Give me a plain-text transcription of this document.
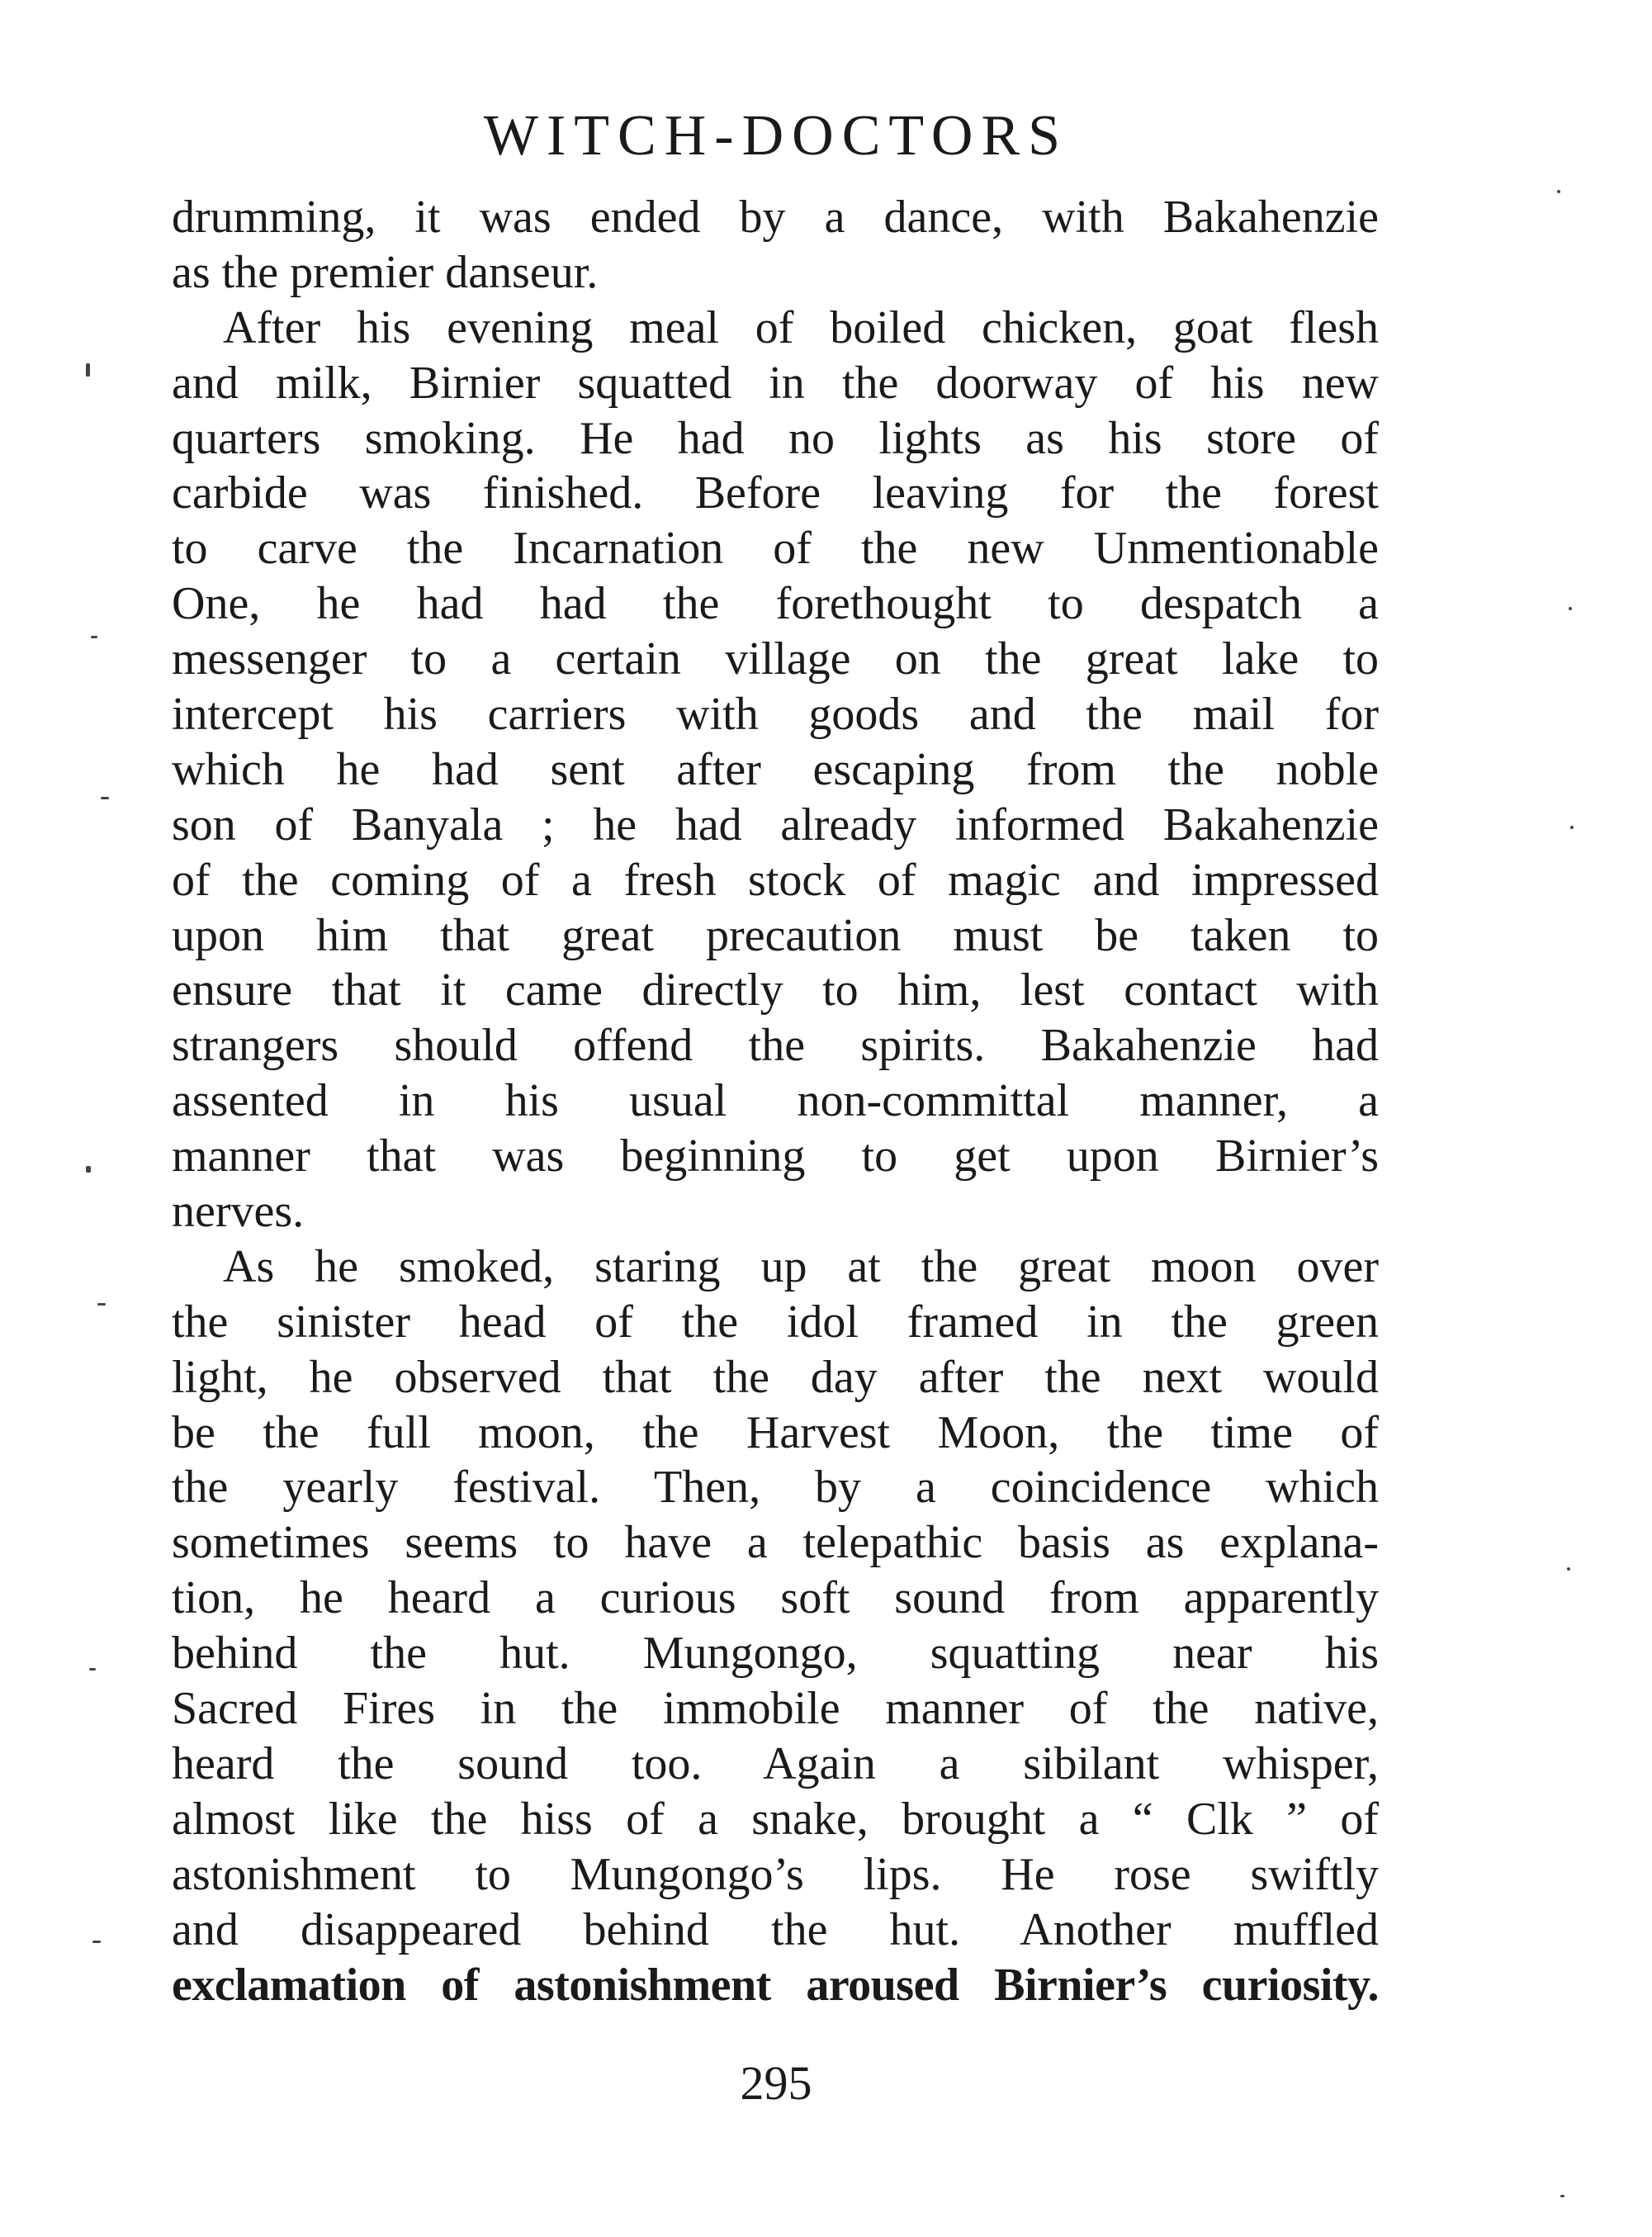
WITCH-DOCTORS
drumming, it was ended by a dance, with Bakahenzie
as the premier danseur.
After his evening meal of boiled chicken, goat flesh
and milk, Birnier squatted in the doorway of his new
quarters smoking. He had no lights as his store of
carbide was finished. Before leaving for the forest
to carve the Incarnation of the new Unmentionable
One, he had had the forethought to despatch a
messenger to a certain village on the great lake to
intercept his carriers with goods and the mail for
which he had sent after escaping from the noble
son of Banyala ; he had already informed Bakahenzie
of the coming of a fresh stock of magic and impressed
upon him that great precaution must be taken to
ensure that it came directly to him, lest contact with
strangers should offend the spirits. Bakahenzie had
assented in his usual non-committal manner, a
manner that was beginning to get upon Birnier’s
nerves.
As he smoked, staring up at the great moon over
the sinister head of the idol framed in the green
light, he observed that the day after the next would
be the full moon, the Harvest Moon, the time of
the yearly festival. Then, by a coincidence which
sometimes seems to have a telepathic basis as explana-
tion, he heard a curious soft sound from apparently
behind the hut. Mungongo, squatting near his
Sacred Fires in the immobile manner of the native,
heard the sound too. Again a sibilant whisper,
almost like the hiss of a snake, brought a “ Clk ” of
astonishment to Mungongo’s lips. He rose swiftly
and disappeared behind the hut. Another muffled
exclamation of astonishment aroused Birnier’s curiosity.
295
